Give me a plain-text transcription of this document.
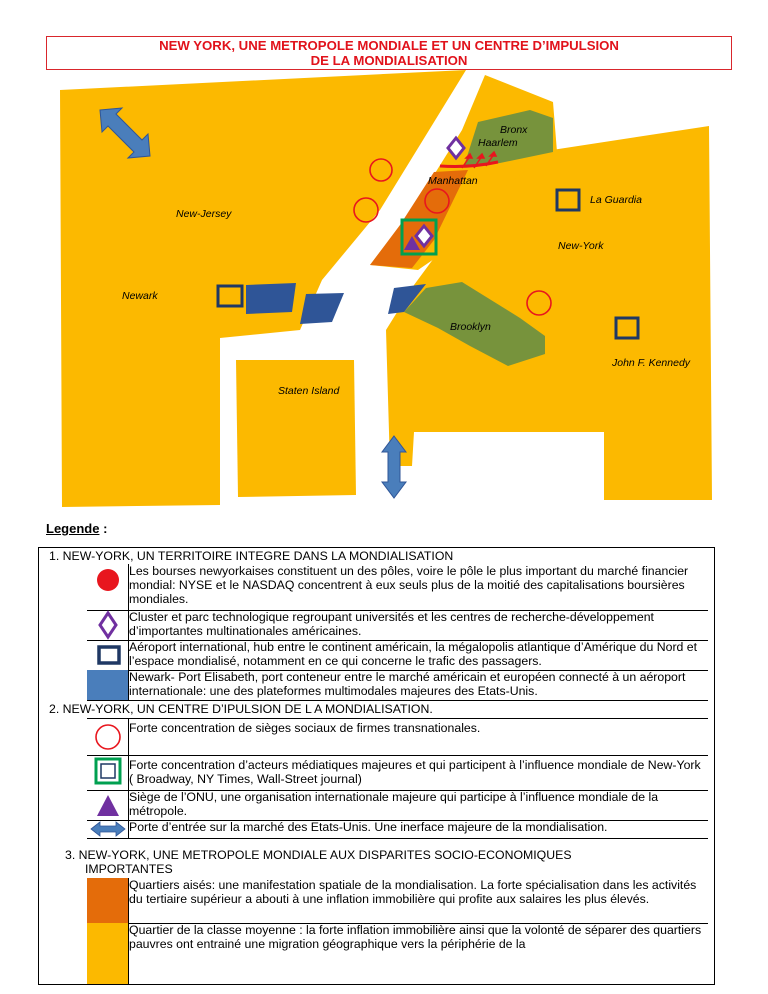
NEW YORK, UNE METROPOLE MONDIALE ET UN CENTRE D’IMPULSION
DE LA MONDIALISATION
Bronx
Haarlem
Manhattan
La Guardia
New-Jersey
New-York
Newark
Brooklyn
John F. Kennedy
Staten Island
Legende :
1. NEW-YORK, UN TERRITOIRE INTEGRE DANS LA MONDIALISATION
Les bourses newyorkaises constituent un des pôles, voire le pôle le plus important du marché financier mondial: NYSE et le NASDAQ concentrent à eux seuls plus de la moitié des capitalisations boursières mondiales.
Cluster et parc technologique regroupant universités et les centres de recherche-développement d’importantes multinationales américaines.
Aéroport international, hub entre le continent américain, la mégalopolis atlantique d’Amérique du Nord et l’espace mondialisé, notamment en ce qui concerne le trafic des passagers.
Newark- Port Elisabeth, port conteneur entre le marché américain et européen connecté à un aéroport internationale: une des plateformes multimodales majeures des Etats-Unis.
2. NEW-YORK, UN CENTRE D’IPULSION DE L A MONDIALISATION.
Forte concentration de sièges sociaux de firmes transnationales.
Forte concentration d’acteurs médiatiques majeures et qui participent à l’influence mondiale de New-York ( Broadway, NY Times, Wall-Street journal)
Siège de l’ONU, une organisation internationale majeure qui participe à l’influence mondiale de la métropole.
Porte d’entrée sur la marché des Etats-Unis. Une inerface majeure de la mondialisation.
3. NEW-YORK, UNE METROPOLE MONDIALE AUX DISPARITES SOCIO-ECONOMIQUES
IMPORTANTES
Quartiers aisés: une manifestation spatiale de la mondialisation. La forte spécialisation dans les activités du tertiaire supérieur a abouti à une inflation immobilière qui profite aux salaires les plus élevés.
Quartier de la classe moyenne : la forte inflation immobilière ainsi que la volonté de séparer des quartiers pauvres ont entrainé une migration géographique vers la périphérie de la
